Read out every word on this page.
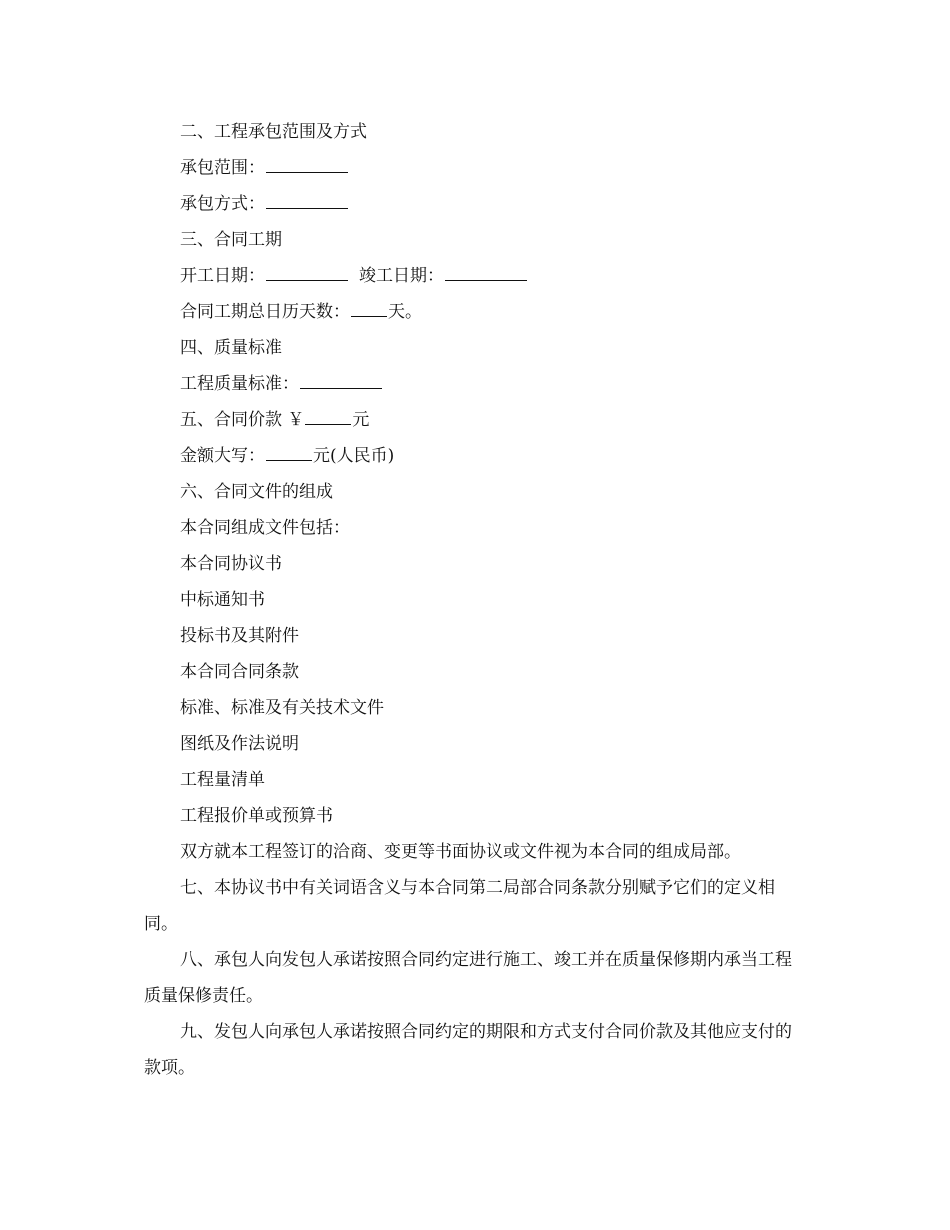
二、工程承包范围及方式
承包范围：
承包方式：
三、合同工期
开工日期：	竣工日期：
合同工期总日历天数： 天。
四、质量标准
工程质量标准：
五、合同价款 ￥	元
金额大写：	元(人民币)
六、合同文件的组成
本合同组成文件包括：
本合同协议书
中标通知书
投标书及其附件
本合同合同条款
标准、标准及有关技术文件
图纸及作法说明
工程量清单
工程报价单或预算书

双方就本工程签订的洽商、变更等书面协议或文件视为本合同的组成局部。

七、本协议书中有关词语含义与本合同第二局部合同条款分别赋予它们的定义相同。

八、承包人向发包人承诺按照合同约定进行施工、竣工并在质量保修期内承当工程质量保修责任。

九、发包人向承包人承诺按照合同约定的期限和方式支付合同价款及其他应支付的款项。
